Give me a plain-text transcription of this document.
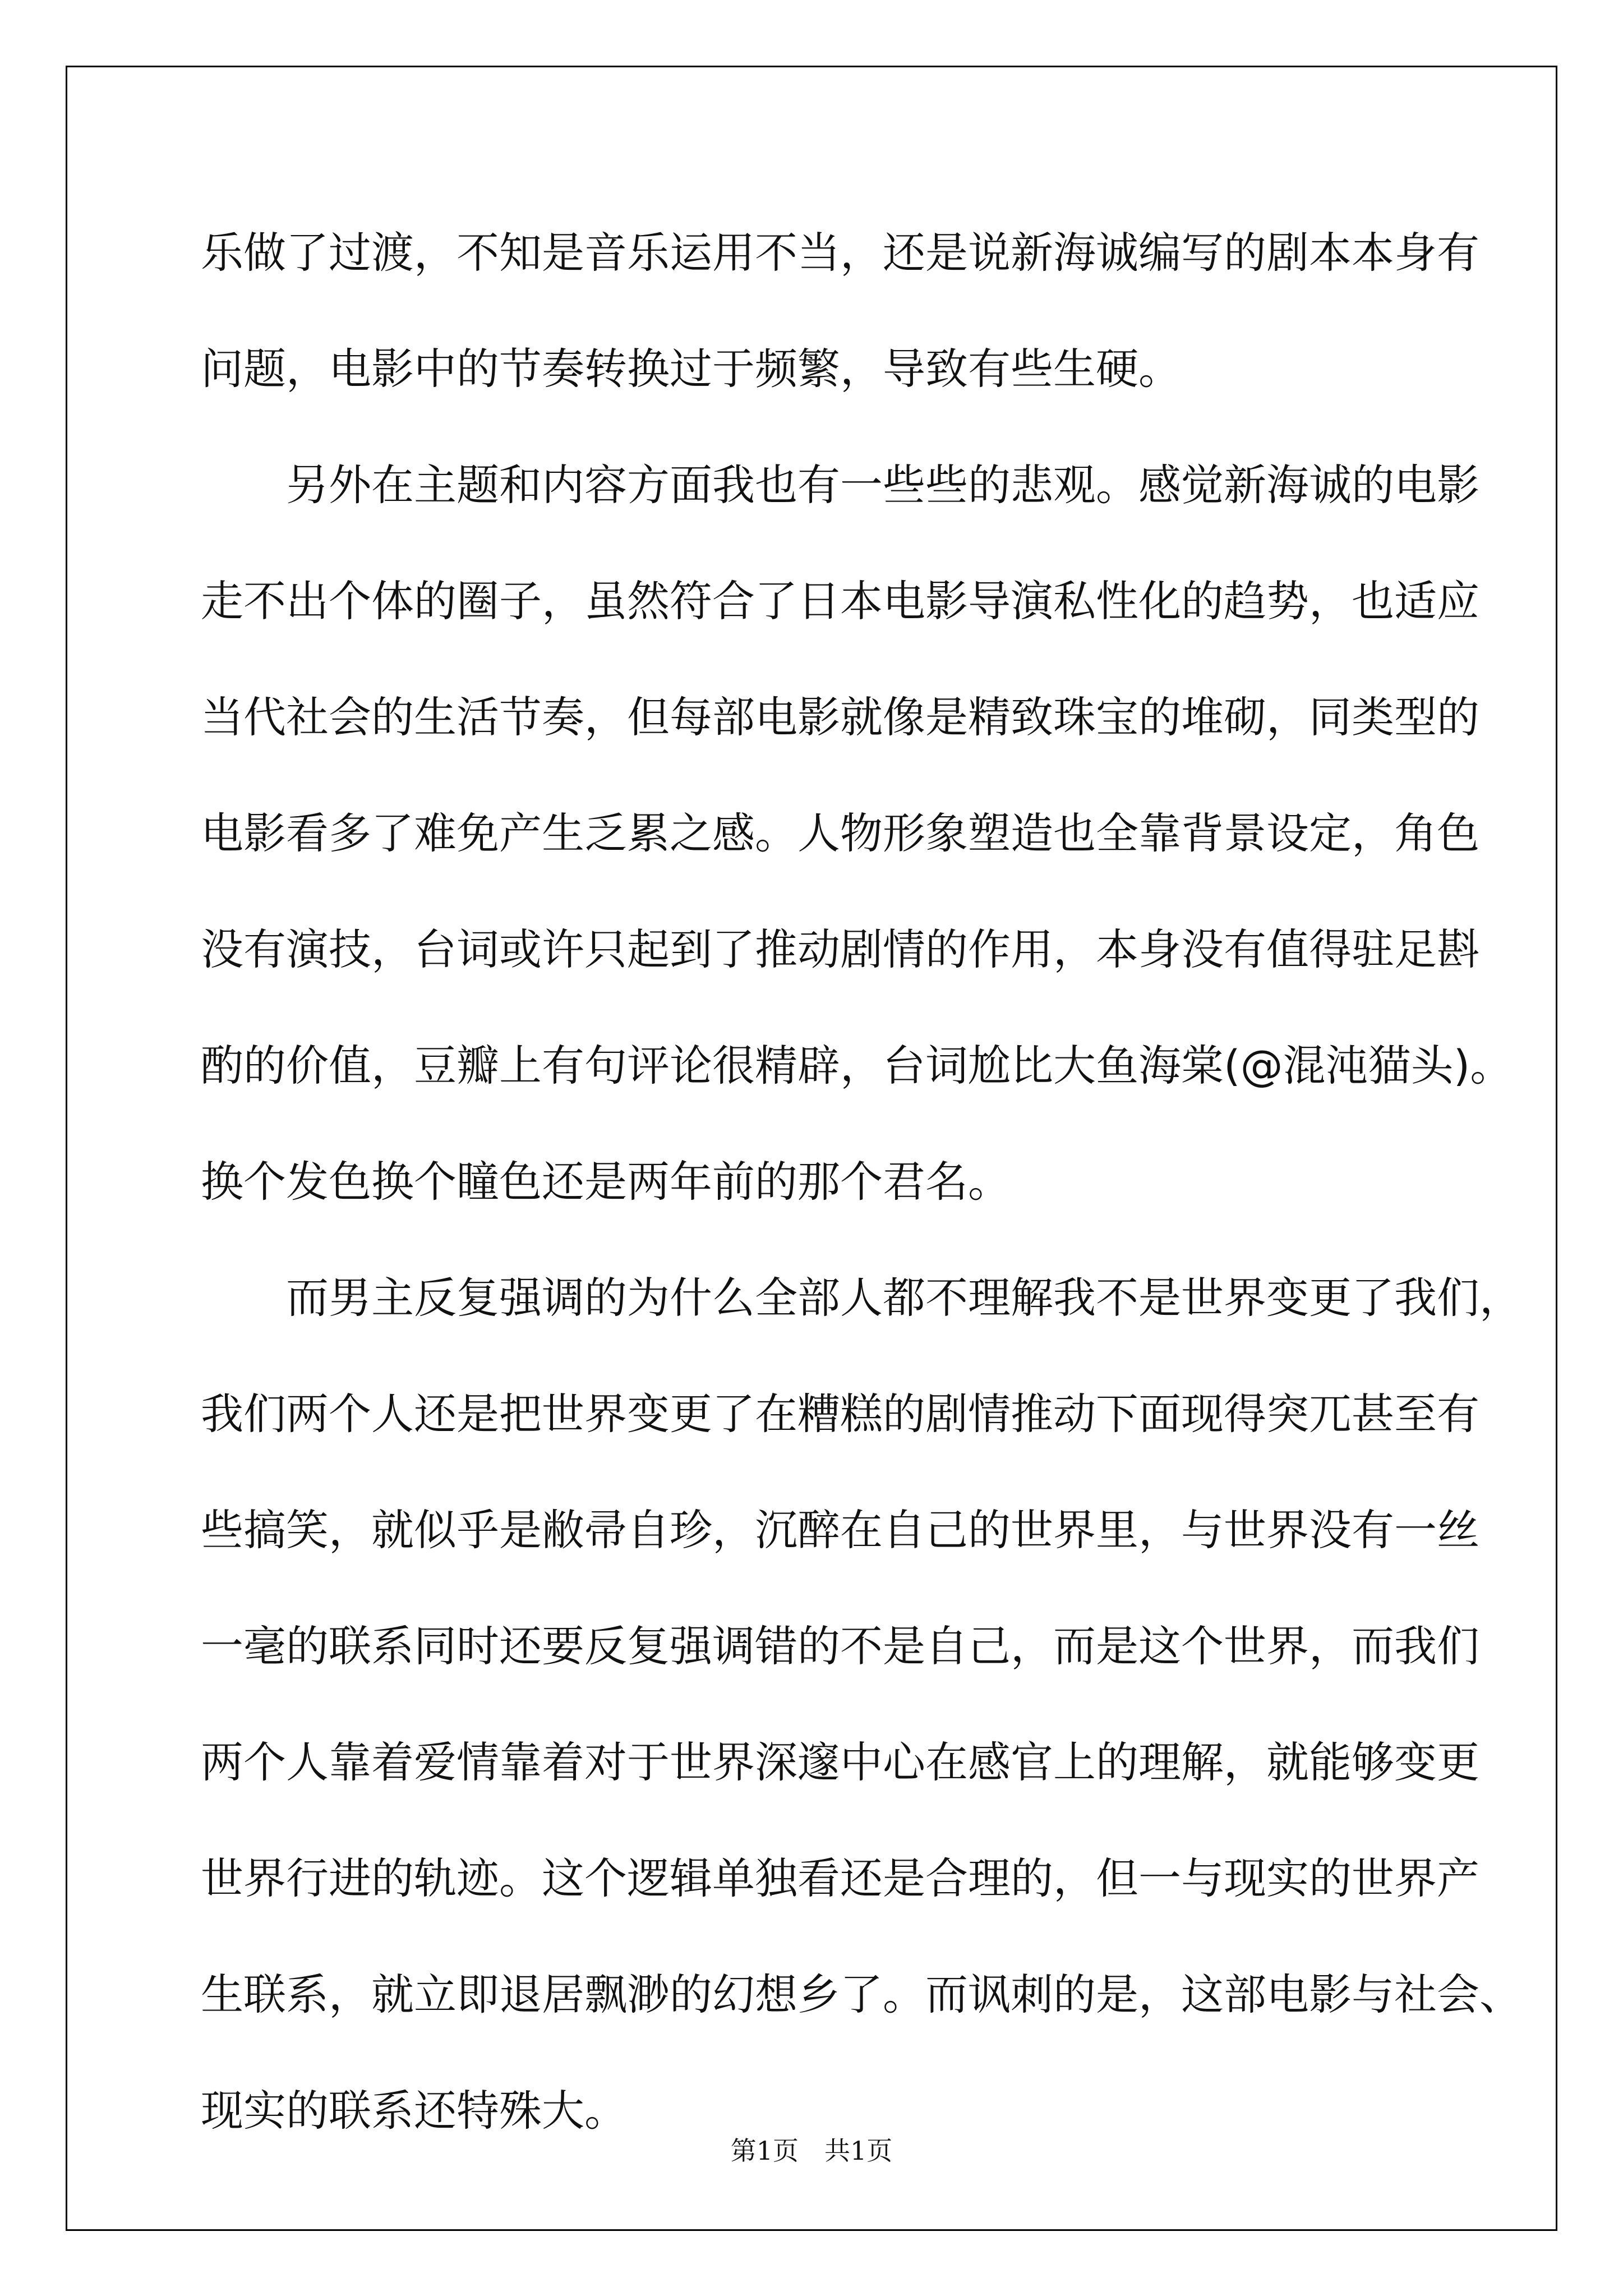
乐做了过渡，不知是音乐运用不当，还是说新海诚编写的剧本本身有
问题，电影中的节奏转换过于频繁，导致有些生硬。
　　另外在主题和内容方面我也有一些些的悲观。感觉新海诚的电影
走不出个体的圈子，虽然符合了日本电影导演私性化的趋势，也适应
当代社会的生活节奏，但每部电影就像是精致珠宝的堆砌，同类型的
电影看多了难免产生乏累之感。人物形象塑造也全靠背景设定，角色
没有演技，台词或许只起到了推动剧情的作用，本身没有值得驻足斟
酌的价值，豆瓣上有句评论很精辟，台词尬比大鱼海棠(@混沌猫头)。
换个发色换个瞳色还是两年前的那个君名。
　　而男主反复强调的为什么全部人都不理解我不是世界变更了我们，
我们两个人还是把世界变更了在糟糕的剧情推动下面现得突兀甚至有
些搞笑，就似乎是敝帚自珍，沉醉在自己的世界里，与世界没有一丝
一毫的联系同时还要反复强调错的不是自己，而是这个世界，而我们
两个人靠着爱情靠着对于世界深邃中心在感官上的理解，就能够变更
世界行进的轨迹。这个逻辑单独看还是合理的，但一与现实的世界产
生联系，就立即退居飘渺的幻想乡了。而讽刺的是，这部电影与社会、
现实的联系还特殊大。
第1页　共1页
